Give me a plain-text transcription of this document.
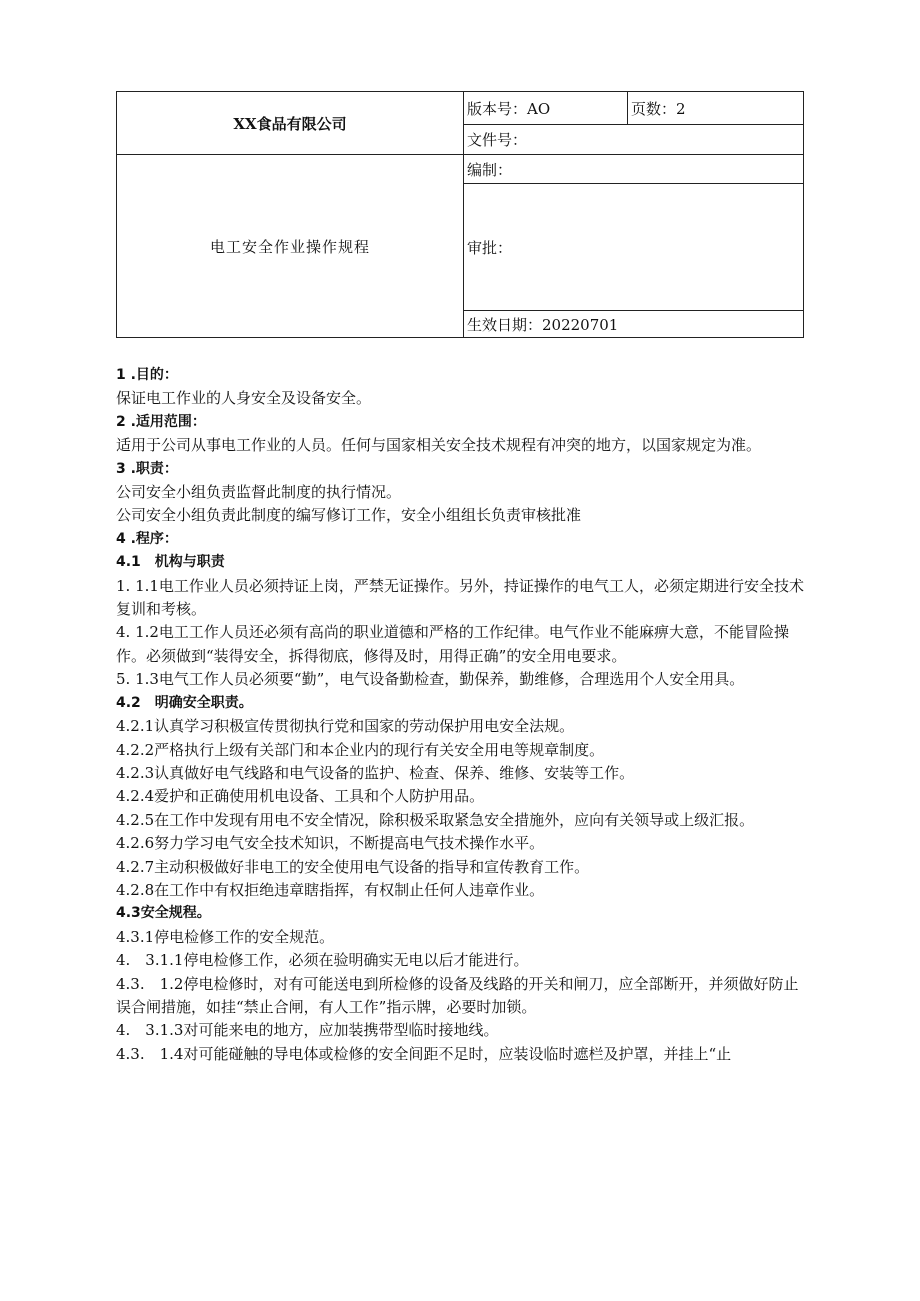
XX食品有限公司	版本号：AO	页数：2
	文件号：	
电工安全作业操作规程	编制：	
	审批：	
	生效日期：20220701	

1 .目的：

保证电工作业的人身安全及设备安全。

2 .适用范围：

适用于公司从事电工作业的人员。任何与国家相关安全技术规程有冲突的地方，以国家规定为准。

3 .职责：

公司安全小组负责监督此制度的执行情况。

公司安全小组负责此制度的编写修订工作，安全小组组长负责审核批准

4 .程序：

4.1　机构与职责

1. 1.1电工作业人员必须持证上岗，严禁无证操作。另外，持证操作的电气工人，必须定期进行安全技术复训和考核。

4. 1.2电工工作人员还必须有高尚的职业道德和严格的工作纪律。电气作业不能麻痹大意，不能冒险操作。必须做到“装得安全，拆得彻底，修得及时，用得正确”的安全用电要求。

5. 1.3电气工作人员必须要“勤”，电气设备勤检查，勤保养，勤维修，合理选用个人安全用具。

4.2　明确安全职责。

4.2.1认真学习积极宣传贯彻执行党和国家的劳动保护用电安全法规。

4.2.2严格执行上级有关部门和本企业内的现行有关安全用电等规章制度。

4.2.3认真做好电气线路和电气设备的监护、检查、保养、维修、安装等工作。

4.2.4爱护和正确使用机电设备、工具和个人防护用品。

4.2.5在工作中发现有用电不安全情况，除积极采取紧急安全措施外，应向有关领导或上级汇报。

4.2.6努力学习电气安全技术知识，不断提高电气技术操作水平。

4.2.7主动积极做好非电工的安全使用电气设备的指导和宣传教育工作。

4.2.8在工作中有权拒绝违章瞎指挥，有权制止任何人违章作业。

4.3安全规程。

4.3.1停电检修工作的安全规范。

4.　3.1.1停电检修工作，必须在验明确实无电以后才能进行。

4.3.　1.2停电检修时，对有可能送电到所检修的设备及线路的开关和闸刀，应全部断开，并须做好防止误合闸措施，如挂“禁止合闸，有人工作”指示牌，必要时加锁。

4.　3.1.3对可能来电的地方，应加装携带型临时接地线。

4.3.　1.4对可能碰触的导电体或检修的安全间距不足时，应装设临时遮栏及护罩，并挂上“止
